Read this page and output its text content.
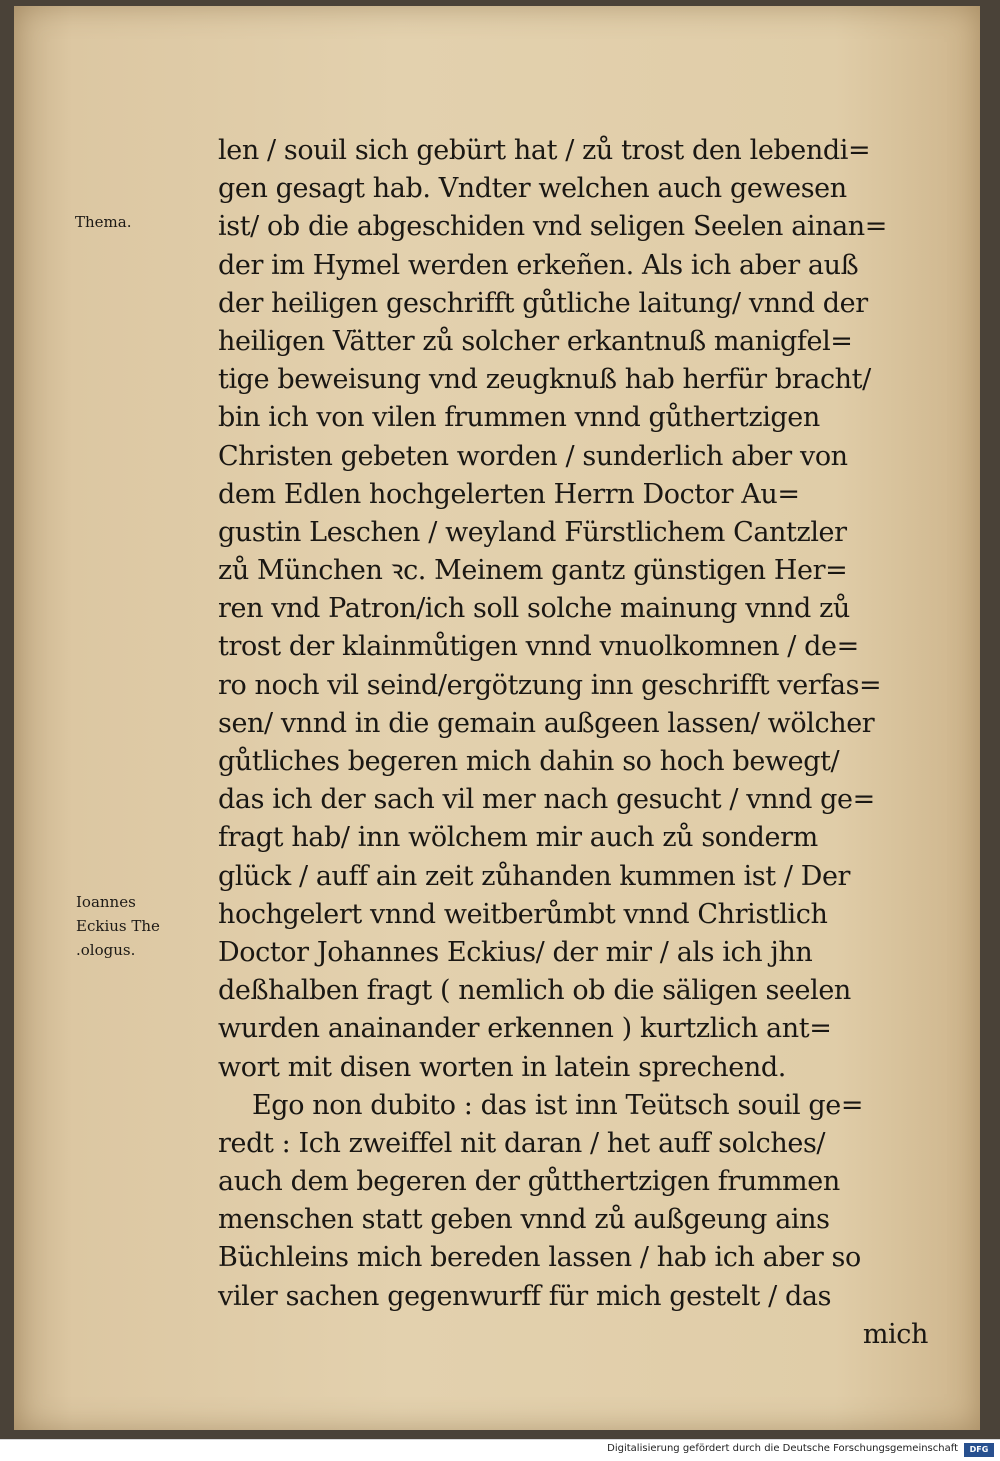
Thema.
Ioannes
Eckius The
.ologus.
len / souil sich gebürt hat / zů trost den lebendi=
gen gesagt hab. Vndter welchen auch gewesen
ist/ ob die abgeschiden vnd seligen Seelen ainan=
der im Hymel werden erkeñen. Als ich aber auß
der heiligen geschrifft gůtliche laitung/ vnnd der
heiligen Vätter zů solcher erkantnuß manigfel=
tige beweisung vnd zeugknuß hab herfür bracht/
bin ich von vilen frummen vnnd gůthertzigen
Christen gebeten worden / sunderlich aber von
dem Edlen hochgelerten Herrn Doctor Au=
gustin Leschen / weyland Fürstlichem Cantzler
zů München ꝛc. Meinem gantz günstigen Her=
ren vnd Patron/ich soll solche mainung vnnd zů
trost der klainmůtigen vnnd vnuolkomnen / de=
ro noch vil seind/ergötzung inn geschrifft verfas=
sen/ vnnd in die gemain außgeen lassen/ wölcher
gůtliches begeren mich dahin so hoch bewegt/
das ich der sach vil mer nach gesucht / vnnd ge=
fragt hab/ inn wölchem mir auch zů sonderm
glück / auff ain zeit zůhanden kummen ist / Der
hochgelert vnnd weitberůmbt vnnd Christlich
Doctor Johannes Eckius/ der mir / als ich jhn
deßhalben fragt ( nemlich ob die säligen seelen
wurden anainander erkennen ) kurtzlich ant=
wort mit disen worten in latein sprechend.
Ego non dubito : das ist inn Teütsch souil ge=
redt : Ich zweiffel nit daran / het auff solches/
auch dem begeren der gůtthertzigen frummen
menschen statt geben vnnd zů außgeung ains
Büchleins mich bereden lassen / hab ich aber so
viler sachen gegenwurff für mich gestelt / das
mich
Digitalisierung gefördert durch die Deutsche Forschungsgemeinschaft	DFG
